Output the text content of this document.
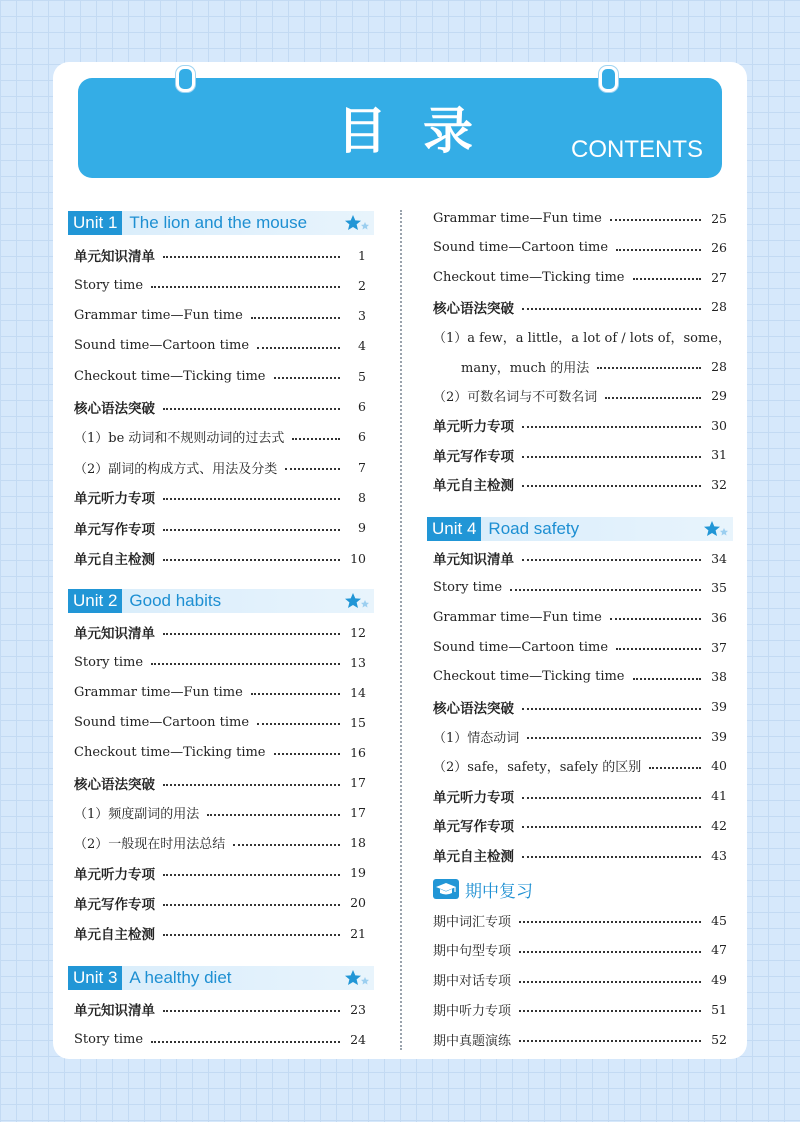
目录	CONTENTS
Unit 1 The lion and the mouse
单元知识清单	1
Story time	2
Grammar time—Fun time	3
Sound time—Cartoon time	4
Checkout time—Ticking time	5
核心语法突破	6
（1）be 动词和不规则动词的过去式	6
（2）副词的构成方式、用法及分类	7
单元听力专项	8
单元写作专项	9
单元自主检测	10
Unit 2 Good habits
单元知识清单	12
Story time	13
Grammar time—Fun time	14
Sound time—Cartoon time	15
Checkout time—Ticking time	16
核心语法突破	17
（1）频度副词的用法	17
（2）一般现在时用法总结	18
单元听力专项	19
单元写作专项	20
单元自主检测	21
Unit 3 A healthy diet
单元知识清单	23
Story time	24
Grammar time—Fun time	25
Sound time—Cartoon time	26
Checkout time—Ticking time	27
核心语法突破	28
（1）a few，a little，a lot of / lots of，some，
many，much 的用法	28
（2）可数名词与不可数名词	29
单元听力专项	30
单元写作专项	31
单元自主检测	32
Unit 4 Road safety
单元知识清单	34
Story time	35
Grammar time—Fun time	36
Sound time—Cartoon time	37
Checkout time—Ticking time	38
核心语法突破	39
（1）情态动词	39
（2）safe，safety，safely 的区别	40
单元听力专项	41
单元写作专项	42
单元自主检测	43
期中复习
期中词汇专项	45
期中句型专项	47
期中对话专项	49
期中听力专项	51
期中真题演练	52
